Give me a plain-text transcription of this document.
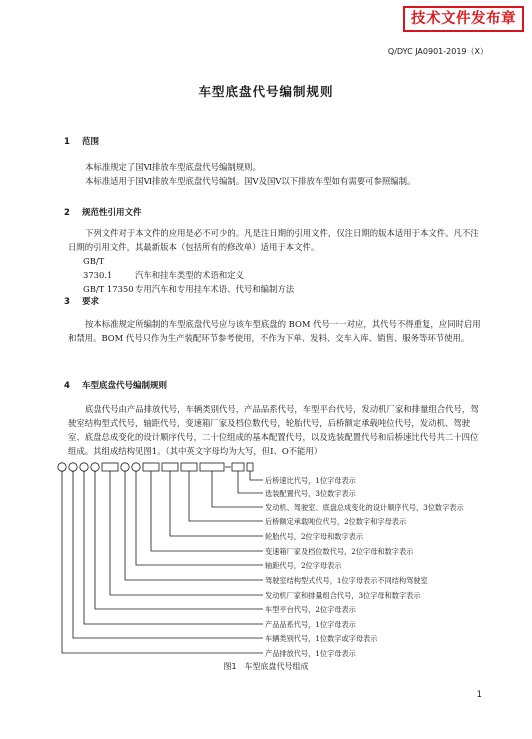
技术文件发布章
Q/DYC JA0901-2019（X）
车型底盘代号编制规则
1 范围

本标准规定了国Ⅵ排放车型底盘代号编制规则。

本标准适用于国Ⅵ排放车型底盘代号编制。国Ⅴ及国Ⅴ以下排放车型如有需要可参照编制。

2 规范性引用文件

下列文件对于本文件的应用是必不可少的。凡是注日期的引用文件，仅注日期的版本适用于本文件。凡不注日期的引用文件，其最新版本（包括所有的修改单）适用于本文件。

GB/T 3730.1	汽车和挂车类型的术语和定义

GB/T 17350专用汽车和专用挂车术语、代号和编制方法

3 要求

按本标准规定所编制的车型底盘代号应与该车型底盘的 BOM 代号一一对应，其代号不得重复，应同时启用和禁用。BOM 代号只作为生产装配环节参考使用，不作为下单、发料、交车入库、销售、服务等环节使用。

4 车型底盘代号编制规则

底盘代号由产品排放代号，车辆类别代号，产品品系代号，车型平台代号，发动机厂家和排量组合代号，驾驶室结构型式代号，轴距代号，变速箱厂家及档位数代号，轮胎代号，后桥额定承载吨位代号，发动机、驾驶室、底盘总成变化的设计顺序代号，二十位组成的基本配置代号，以及选装配置代号和后桥速比代号共二十四位组成。其组成结构见图1。（其中英文字母均为大写，但I、O不能用）

后桥速比代号，1位字母表示
选装配置代号，3位数字表示
发动机、驾驶室、底盘总成变化的设计顺序代号，3位数字表示
后桥额定承载吨位代号，2位数字和字母表示
轮胎代号，2位字母和数字表示
变速箱厂家及档位数代号，2位字母和数字表示
轴距代号，2位字母表示
驾驶室结构型式代号，1位字母表示不同结构驾驶室
发动机厂家和排量组合代号，3位字母和数字表示
车型平台代号，2位字母表示
产品品系代号，1位字母表示
车辆类别代号，1位数字或字母表示
产品排放代号，1位字母表示
图1　车型底盘代号组成
1
